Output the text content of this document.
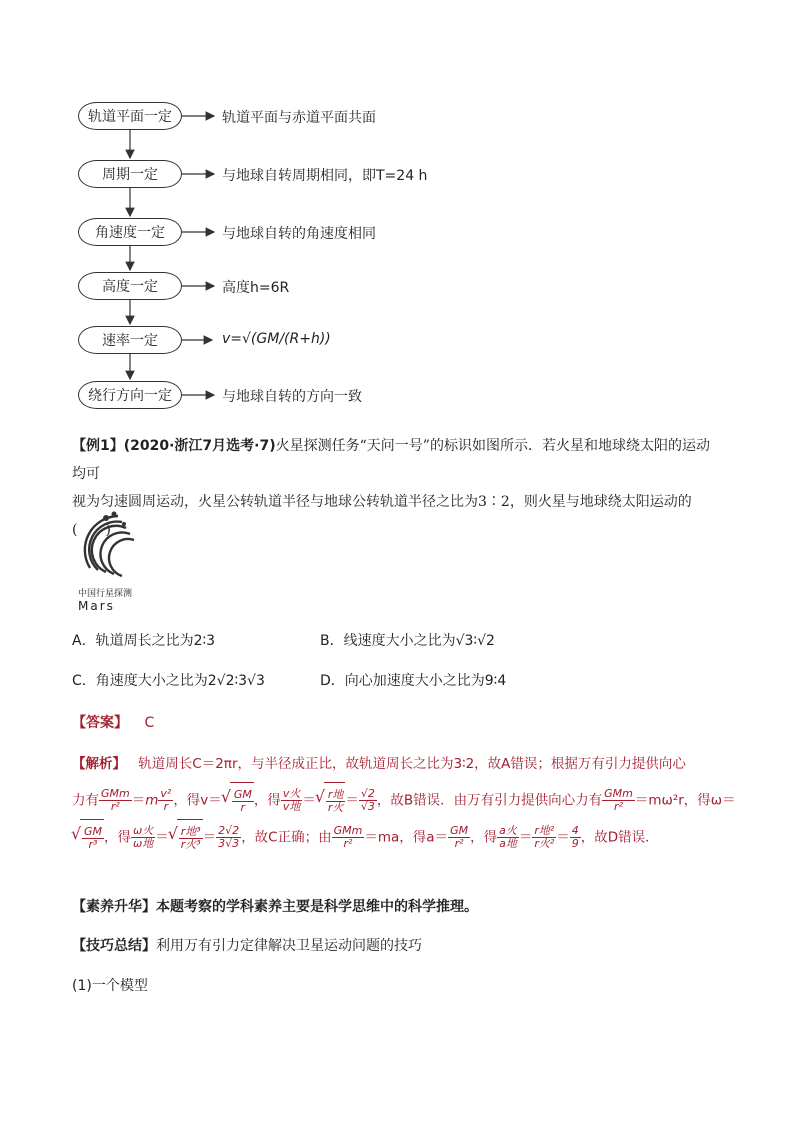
轨道平面一定
周期一定
角速度一定
高度一定
速率一定
绕行方向一定
轨道平面与赤道平面共面
与地球自转周期相同，即T=24 h
与地球自转的角速度相同
高度h=6R
v=√(GM/(R+h))
与地球自转的方向一致
【例1】(2020·浙江7月选考·7)火星探测任务“天问一号”的标识如图所示．若火星和地球绕太阳的运动均可
视为匀速圆周运动，火星公转轨道半径与地球公转轨道半径之比为3∶2，则火星与地球绕太阳运动的(　　)
中国行星探测
Mars
A．轨道周长之比为2∶3	B．线速度大小之比为√3∶√2
C．角速度大小之比为2√2∶3√3	D．向心加速度大小之比为9∶4
【答案】 C
【解析】 轨道周长C＝2πr，与半径成正比，故轨道周长之比为3∶2，故A错误；根据万有引力提供向心
力有 $\frac{\text{GMm}}{\text{r²}} =m \frac{\text{v²}}{r}$ ，得v＝ √ $\frac{GM}{r}$ ，得 $\frac{\text{v火}}{\text{v地}}$ ＝ √ $\frac{\text{r地}}{\text{r火}} = \frac{√2}{√3}$ ，故B错误．由万有引力提供向心力有 $\frac{\text{GMm}}{\text{r²}} =m\omega^2r$，得ω＝
√ $\frac{GM}{\text{r³}}$ ，得 $\frac{\text{ω火}}{\text{ω地}}$ ＝ √ $\frac{\text{r地³}}{\text{r火³}} = \frac{2√2}{3√3}$ ，故C正确；由 $\frac{\text{GMm}}{\text{r²}} =ma$，得$a= \frac{GM}{\text{r²}}$ ，得 $\frac{\text{a火}}{\text{a地}} = \frac{\text{r地²}}{\text{r火²}} = \frac{4}{9}$ ，故D错误．
【素养升华】本题考察的学科素养主要是科学思维中的科学推理。
【技巧总结】利用万有引力定律解决卫星运动问题的技巧
(1)一个模型
